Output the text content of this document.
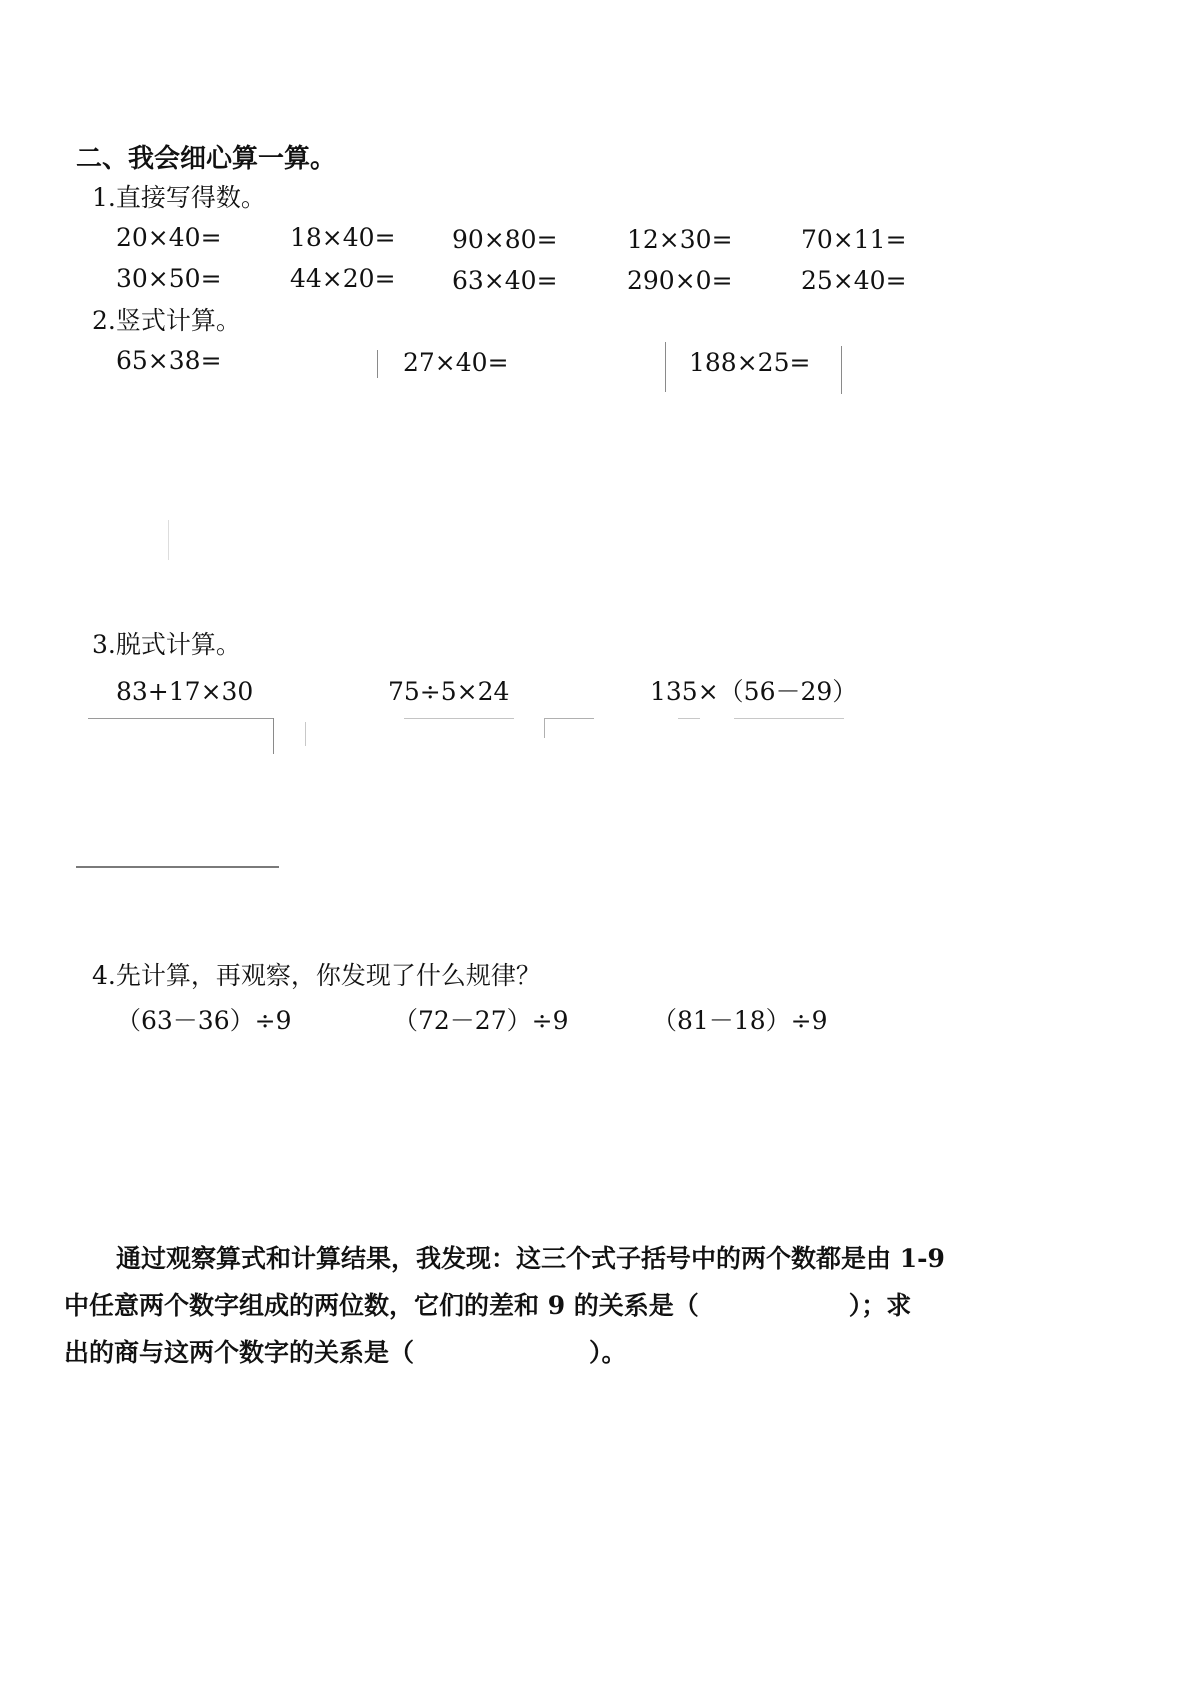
二、我会细心算一算。
1.直接写得数。
20×40=	18×40= 90×80=	12×30=	70×11=
30×50=	44×20= 63×40=	290×0=	25×40=
2.竖式计算。
65×38=	27×40=	188×25=
3.脱式计算。
83+17×30	75÷5×24	135×（56－29）
4.先计算，再观察，你发现了什么规律？
（63－36）÷9	（72－27）÷9	（81－18）÷9
通过观察算式和计算结果，我发现：这三个式子括号中的两个数都是由 1-9
中任意两个数字组成的两位数，它们的差和 9 的关系是（　　　　　　）；求
出的商与这两个数字的关系是（　　　　　　　）。
